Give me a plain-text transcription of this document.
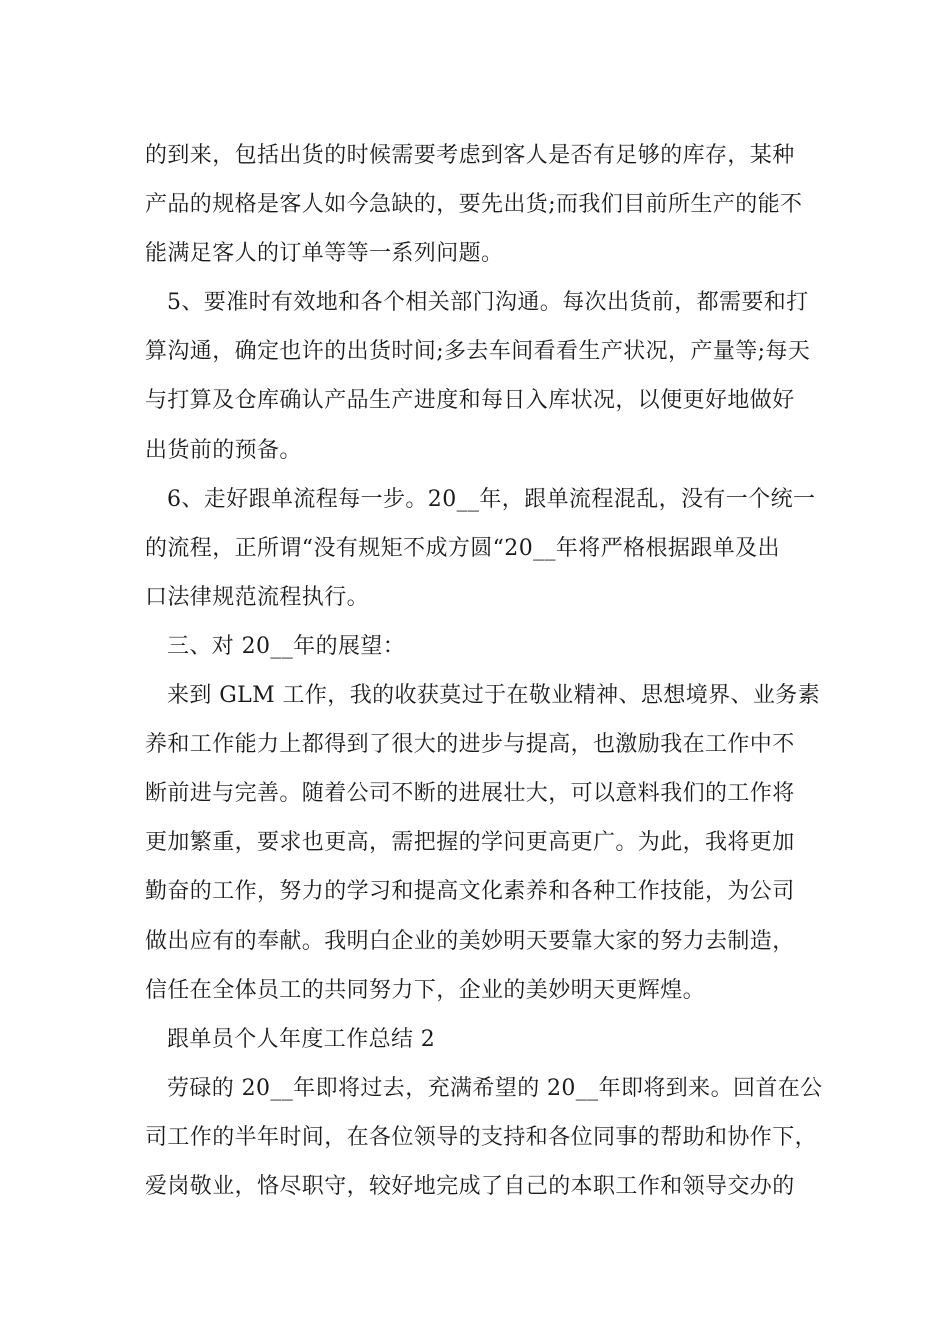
的到来，包括出货的时候需要考虑到客人是否有足够的库存，某种
产品的规格是客人如今急缺的，要先出货;而我们目前所生产的能不
能满足客人的订单等等一系列问题。
5、要准时有效地和各个相关部门沟通。每次出货前，都需要和打
算沟通，确定也许的出货时间;多去车间看看生产状况，产量等;每天
与打算及仓库确认产品生产进度和每日入库状况，以便更好地做好
出货前的预备。
6、走好跟单流程每一步。20__年，跟单流程混乱，没有一个统一
的流程，正所谓“没有规矩不成方圆“20__年将严格根据跟单及出
口法律规范流程执行。
三、对 20__年的展望：
来到 GLM 工作，我的收获莫过于在敬业精神、思想境界、业务素
养和工作能力上都得到了很大的进步与提高，也激励我在工作中不
断前进与完善。随着公司不断的进展壮大，可以意料我们的工作将
更加繁重，要求也更高，需把握的学问更高更广。为此，我将更加
勤奋的工作，努力的学习和提高文化素养和各种工作技能，为公司
做出应有的奉献。我明白企业的美妙明天要靠大家的努力去制造，
信任在全体员工的共同努力下，企业的美妙明天更辉煌。
跟单员个人年度工作总结 2
劳碌的 20__年即将过去，充满希望的 20__年即将到来。回首在公
司工作的半年时间，在各位领导的支持和各位同事的帮助和协作下，
爱岗敬业，恪尽职守，较好地完成了自己的本职工作和领导交办的
